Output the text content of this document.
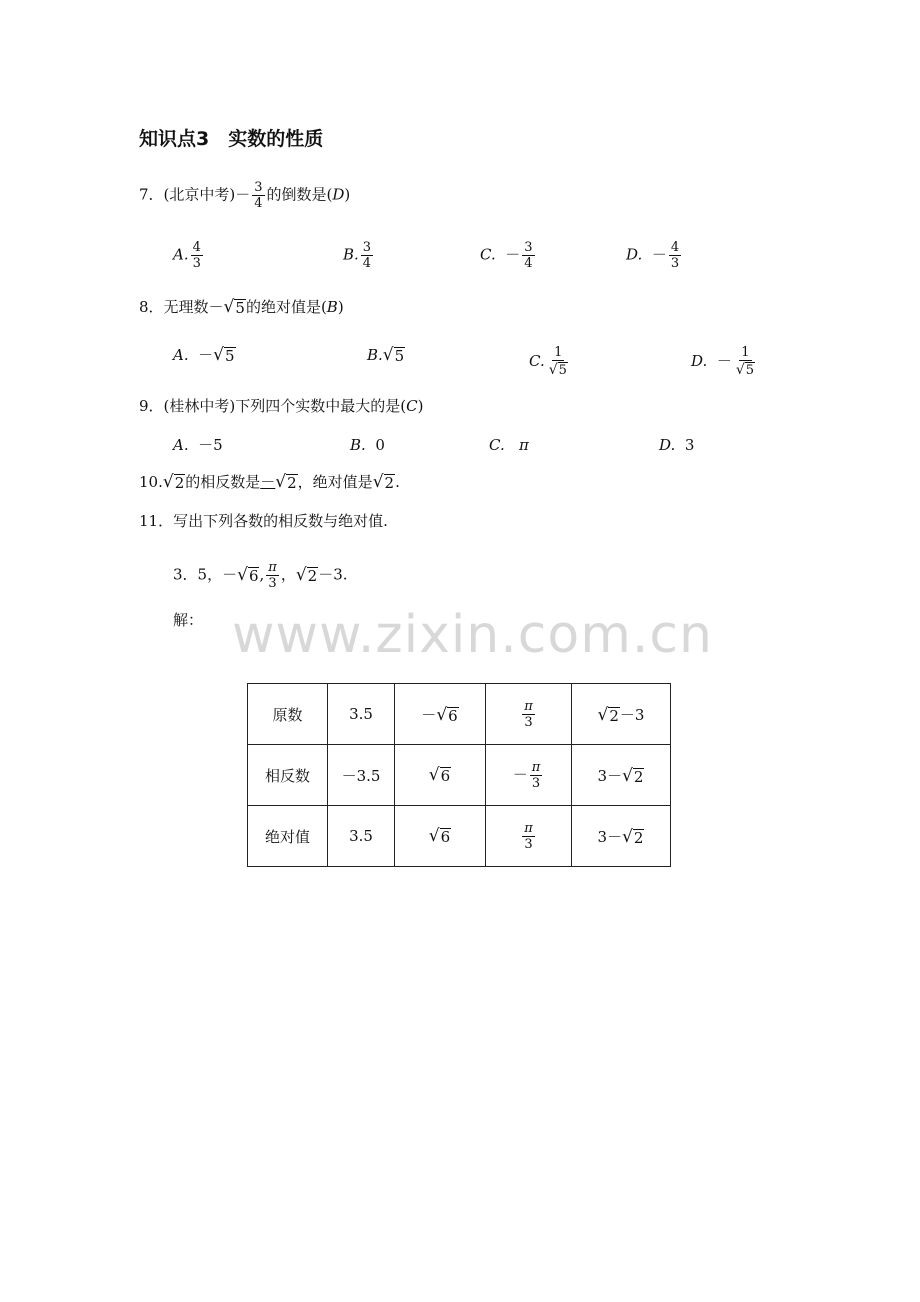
www.zixin.com.cn
知识点3　实数的性质
7．(北京中考)－ $\frac{3}{4}$ 的倒数是(D)
A. $\frac{4}{3}$	B. $\frac{3}{4}$	C. － $\frac{3}{4}$	D. － $\frac{4}{3}$
8．无理数－ √ 5 的绝对值是(B)
A. － √ 5	B. √ 5	C. $\frac{1}{√ 5}$	D. － $\frac{1}{√ 5}$
9．(桂林中考)下列四个实数中最大的是(C)
A. －5	B. 0	C. π	D. 3
10. √ 2 的相反数是－ √ 2 ，绝对值是 √ 2 .
11．写出下列各数的相反数与绝对值.
3．5，－ √ 6 , $\frac{\pi}{3}$ ， √ 2 －3.
解：
原数	3.5	－ √ 6	$\frac{\pi}{3}$	√ 2 －3
相反数	－3.5	√ 6	－ $\frac{\pi}{3}$	3－ √ 2

绝对值	3.5	√ 6	$\frac{\pi}{3}$	3－ √ 2
